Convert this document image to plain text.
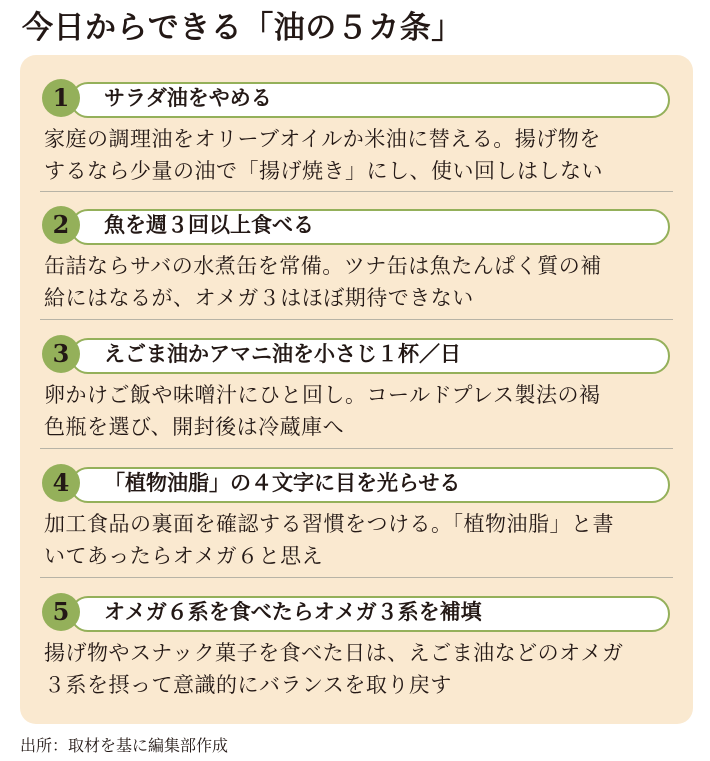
今日からできる「油の５カ条」
1	サラダ油をやめる
家庭の調理油をオリーブオイルか米油に替える。揚げ物を
するなら少量の油で「揚げ焼き」にし、使い回しはしない
2	魚を週３回以上食べる
缶詰ならサバの水煮缶を常備。ツナ缶は魚たんぱく質の補
給にはなるが、オメガ３はほぼ期待できない
3	えごま油かアマニ油を小さじ１杯／日
卵かけご飯や味噌汁にひと回し。コールドプレス製法の褐
色瓶を選び、開封後は冷蔵庫へ
4	「植物油脂」の４文字に目を光らせる
加工食品の裏面を確認する習慣をつける。「植物油脂」と書
いてあったらオメガ６と思え
5	オメガ６系を食べたらオメガ３系を補填
揚げ物やスナック菓子を食べた日は、えごま油などのオメガ
３系を摂って意識的にバランスを取り戻す
出所：取材を基に編集部作成
